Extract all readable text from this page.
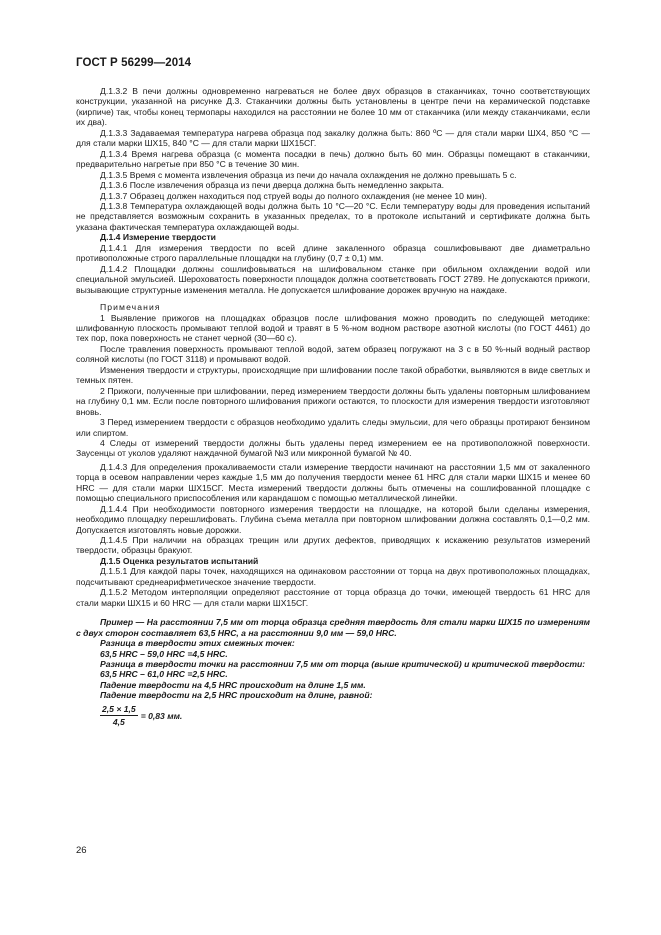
ГОСТ Р 56299—2014

Д.1.3.2 В печи должны одновременно нагреваться не более двух образцов в стаканчиках, точно соответствующих конструкции, указанной на рисунке Д.3. Стаканчики должны быть установлены в центре печи на керамической подставке (кирпиче) так, чтобы конец термопары находился на расстоянии не более 10 мм от стаканчика (или между стаканчиками, если их два).

Д.1.3.3 Задаваемая температура нагрева образца под закалку должна быть: 860 ºС — для стали марки ШХ4, 850 °С — для стали марки ШХ15, 840 °С — для стали марки ШХ15СГ.

Д.1.3.4 Время нагрева образца (с момента посадки в печь) должно быть 60 мин. Образцы помещают в стаканчики, предварительно нагретые при 850 °С в течение 30 мин.

Д.1.3.5 Время с момента извлечения образца из печи до начала охлаждения не должно превышать 5 с.

Д.1.3.6 После извлечения образца из печи дверца должна быть немедленно закрыта.

Д.1.3.7 Образец должен находиться под струей воды до полного охлаждения (не менее 10 мин).

Д.1.3.8 Температура охлаждающей воды должна быть 10 °С—20 °С. Если температуру воды для проведения испытаний не представляется возможным сохранить в указанных пределах, то в протоколе испытаний и сертификате должна быть указана фактическая температура охлаждающей воды.

Д.1.4 Измерение твердости

Д.1.4.1 Для измерения твердости по всей длине закаленного образца сошлифовывают две диаметрально противоположные строго параллельные площадки на глубину (0,7 ± 0,1) мм.

Д.1.4.2 Площадки должны сошлифовываться на шлифовальном станке при обильном охлаждении водой или специальной эмульсией. Шероховатость поверхности площадок должна соответствовать ГОСТ 2789. Не допускаются прижоги, вызывающие структурные изменения металла. Не допускается шлифование дорожек вручную на наждаке.

Примечания

1 Выявление прижогов на площадках образцов после шлифования можно проводить по следующей методике: шлифованную плоскость промывают теплой водой и травят в 5 %-ном водном растворе азотной кислоты (по ГОСТ 4461) до тех пор, пока поверхность не станет черной (30—60 с).

После травления поверхность промывают теплой водой, затем образец погружают на 3 с в 50 %-ный водный раствор соляной кислоты (по ГОСТ 3118) и промывают водой.

Изменения твердости и структуры, происходящие при шлифовании после такой обработки, выявляются в виде светлых и темных пятен.

2 Прижоги, полученные при шлифовании, перед измерением твердости должны быть удалены повторным шлифованием на глубину 0,1 мм. Если после повторного шлифования прижоги остаются, то плоскости для измерения твердости изготовляют вновь.

3 Перед измерением твердости с образцов необходимо удалить следы эмульсии, для чего образцы протирают бензином или спиртом.

4 Следы от измерений твердости должны быть удалены перед измерением ее на противоположной поверхности. Заусенцы от уколов удаляют наждачной бумагой №3 или микронной бумагой № 40.

Д.1.4.3 Для определения прокаливаемости стали измерение твердости начинают на расстоянии 1,5 мм от закаленного торца в осевом направлении через каждые 1,5 мм до получения твердости менее 61 HRC для стали марки ШХ15 и менее 60 HRC — для стали марки ШХ15СГ. Места измерений твердости должны быть отмечены на сошлифованной площадке с помощью специального приспособления или карандашом с помощью металлической линейки.

Д.1.4.4 При необходимости повторного измерения твердости на площадке, на которой были сделаны измерения, необходимо площадку перешлифовать. Глубина съема металла при повторном шлифовании должна составлять 0,1—0,2 мм. Допускается изготовлять новые дорожки.

Д.1.4.5 При наличии на образцах трещин или других дефектов, приводящих к искажению результатов измерений твердости, образцы бракуют.

Д.1.5 Оценка результатов испытаний

Д.1.5.1 Для каждой пары точек, находящихся на одинаковом расстоянии от торца на двух противоположных площадках, подсчитывают среднеарифметическое значение твердости.

Д.1.5.2 Методом интерполяции определяют расстояние от торца образца до точки, имеющей твердость 61 HRC для стали марки ШХ15 и 60 HRC — для стали марки ШХ15СГ.

Пример — На расстоянии 7,5 мм от торца образца средняя твердость для стали марки ШХ15 по измерениям с двух сторон составляет 63,5 HRC, а на расстоянии 9,0 мм — 59,0 HRC.

Разница в твердости этих смежных точек:

63,5 HRC – 59,0 HRC =4,5 HRC.

Разница в твердости точки на расстоянии 7,5 мм от торца (выше критической) и критической твердости:

63,5 HRC – 61,0 HRC =2,5 HRC.

Падение твердости на 4,5 HRC происходит на длине 1,5 мм.

Падение твердости на 2,5 HRC происходит на длине, равной:

$\frac{2,5 \times 1,5}{4,5} = 0,83$ мм.
26
